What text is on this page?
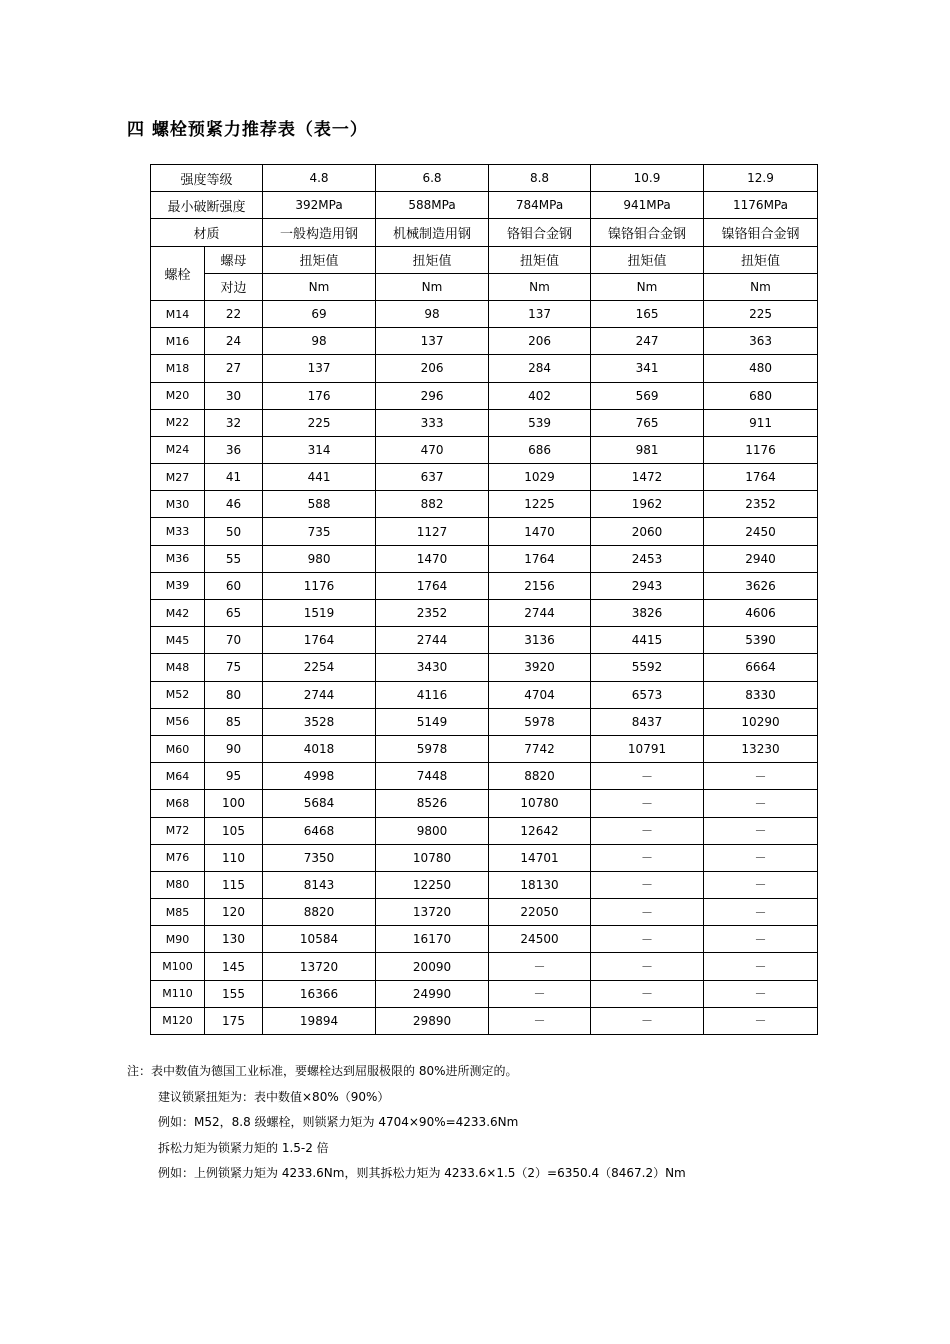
四 螺栓预紧力推荐表（表一）
强度等级		4.8	6.8	8.8	10.9	12.9
最小破断强度		392MPa	588MPa	784MPa	941MPa	1176MPa
材质		一般构造用钢	机械制造用钢	铬钼合金钢	镍铬钼合金钢	镍铬钼合金钢
螺栓	螺母	扭矩值	扭矩值	扭矩值	扭矩值	扭矩值
	对边	Nm	Nm	Nm	Nm	Nm
M14	22	69	98	137	165	225
M16	24	98	137	206	247	363
M18	27	137	206	284	341	480
M20	30	176	296	402	569	680
M22	32	225	333	539	765	911
M24	36	314	470	686	981	1176
M27	41	441	637	1029	1472	1764
M30	46	588	882	1225	1962	2352
M33	50	735	1127	1470	2060	2450
M36	55	980	1470	1764	2453	2940
M39	60	1176	1764	2156	2943	3626
M42	65	1519	2352	2744	3826	4606
M45	70	1764	2744	3136	4415	5390
M48	75	2254	3430	3920	5592	6664
M52	80	2744	4116	4704	6573	8330
M56	85	3528	5149	5978	8437	10290
M60	90	4018	5978	7742	10791	13230
M64	95	4998	7448	8820	－	－
M68	100	5684	8526	10780	－	－
M72	105	6468	9800	12642	－	－
M76	110	7350	10780	14701	－	－
M80	115	8143	12250	18130	－	－
M85	120	8820	13720	22050	－	－
M90	130	10584	16170	24500	－	－
M100	145	13720	20090	－	－	－
M110	155	16366	24990	－	－	－
M120	175	19894	29890	－	－	－
注：表中数值为德国工业标准，要螺栓达到屈服极限的 80%进所测定的。
建议锁紧扭矩为：表中数值×80%（90%）
例如：M52，8.8 级螺栓，则锁紧力矩为 4704×90%=4233.6Nm
拆松力矩为锁紧力矩的 1.5-2 倍
例如：上例锁紧力矩为 4233.6Nm，则其拆松力矩为 4233.6×1.5（2）=6350.4（8467.2）Nm
